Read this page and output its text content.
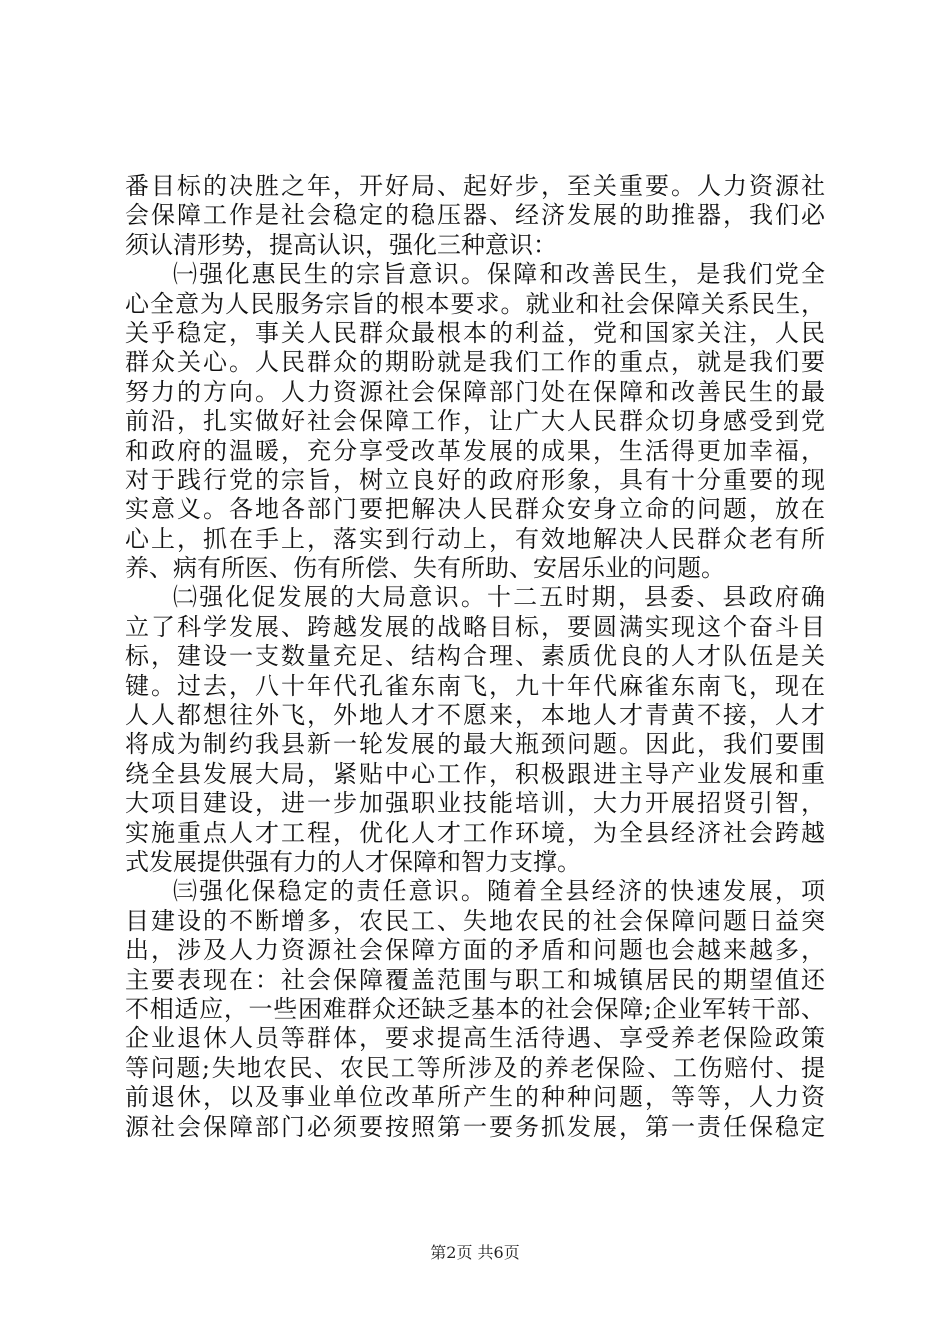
番目标的决胜之年，开好局、起好步，至关重要。人力资源社
会保障工作是社会稳定的稳压器、经济发展的助推器，我们必
须认清形势，提高认识，强化三种意识：
㈠强化惠民生的宗旨意识。保障和改善民生，是我们党全
心全意为人民服务宗旨的根本要求。就业和社会保障关系民生，
关乎稳定，事关人民群众最根本的利益，党和国家关注，人民
群众关心。人民群众的期盼就是我们工作的重点，就是我们要
努力的方向。人力资源社会保障部门处在保障和改善民生的最
前沿，扎实做好社会保障工作，让广大人民群众切身感受到党
和政府的温暖，充分享受改革发展的成果，生活得更加幸福，
对于践行党的宗旨，树立良好的政府形象，具有十分重要的现
实意义。各地各部门要把解决人民群众安身立命的问题，放在
心上，抓在手上，落实到行动上，有效地解决人民群众老有所
养、病有所医、伤有所偿、失有所助、安居乐业的问题。
㈡强化促发展的大局意识。十二五时期，县委、县政府确
立了科学发展、跨越发展的战略目标，要圆满实现这个奋斗目
标，建设一支数量充足、结构合理、素质优良的人才队伍是关
键。过去，八十年代孔雀东南飞，九十年代麻雀东南飞，现在
人人都想往外飞，外地人才不愿来，本地人才青黄不接，人才
将成为制约我县新一轮发展的最大瓶颈问题。因此，我们要围
绕全县发展大局，紧贴中心工作，积极跟进主导产业发展和重
大项目建设，进一步加强职业技能培训，大力开展招贤引智，
实施重点人才工程，优化人才工作环境，为全县经济社会跨越
式发展提供强有力的人才保障和智力支撑。
㈢强化保稳定的责任意识。随着全县经济的快速发展，项
目建设的不断增多，农民工、失地农民的社会保障问题日益突
出，涉及人力资源社会保障方面的矛盾和问题也会越来越多，
主要表现在：社会保障覆盖范围与职工和城镇居民的期望值还
不相适应，一些困难群众还缺乏基本的社会保障;企业军转干部、
企业退休人员等群体，要求提高生活待遇、享受养老保险政策
等问题;失地农民、农民工等所涉及的养老保险、工伤赔付、提
前退休，以及事业单位改革所产生的种种问题，等等，人力资
源社会保障部门必须要按照第一要务抓发展，第一责任保稳定
第2页 共6页
